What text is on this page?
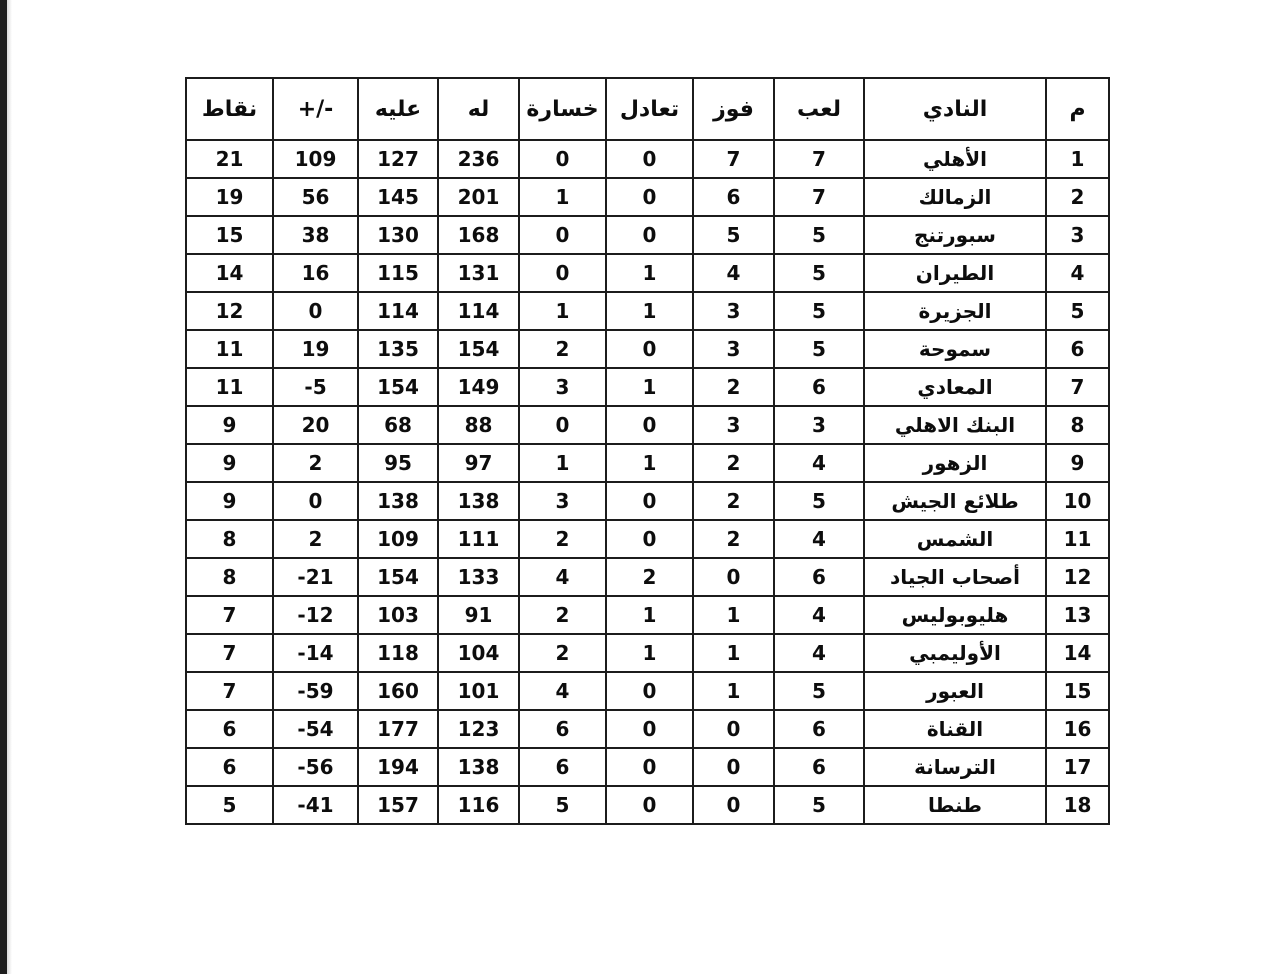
م	النادي	لعب	فوز	تعادل	خسارة	له	عليه	+/-	نقاط
1	الأهلي	7	7	0	0	236	127	109	21
2	الزمالك	7	6	0	1	201	145	56	19
3	سبورتنج	5	5	0	0	168	130	38	15
4	الطيران	5	4	1	0	131	115	16	14
5	الجزيرة	5	3	1	1	114	114	0	12
6	سموحة	5	3	0	2	154	135	19	11
7	المعادي	6	2	1	3	149	154	-5	11
8	البنك الاهلي	3	3	0	0	88	68	20	9
9	الزهور	4	2	1	1	97	95	2	9
10	طلائع الجيش	5	2	0	3	138	138	0	9
11	الشمس	4	2	0	2	111	109	2	8
12	أصحاب الجياد	6	0	2	4	133	154	-21	8
13	هليوبوليس	4	1	1	2	91	103	-12	7
14	الأوليمبي	4	1	1	2	104	118	-14	7
15	العبور	5	1	0	4	101	160	-59	7
16	القناة	6	0	0	6	123	177	-54	6
17	الترسانة	6	0	0	6	138	194	-56	6
18	طنطا	5	0	0	5	116	157	-41	5
